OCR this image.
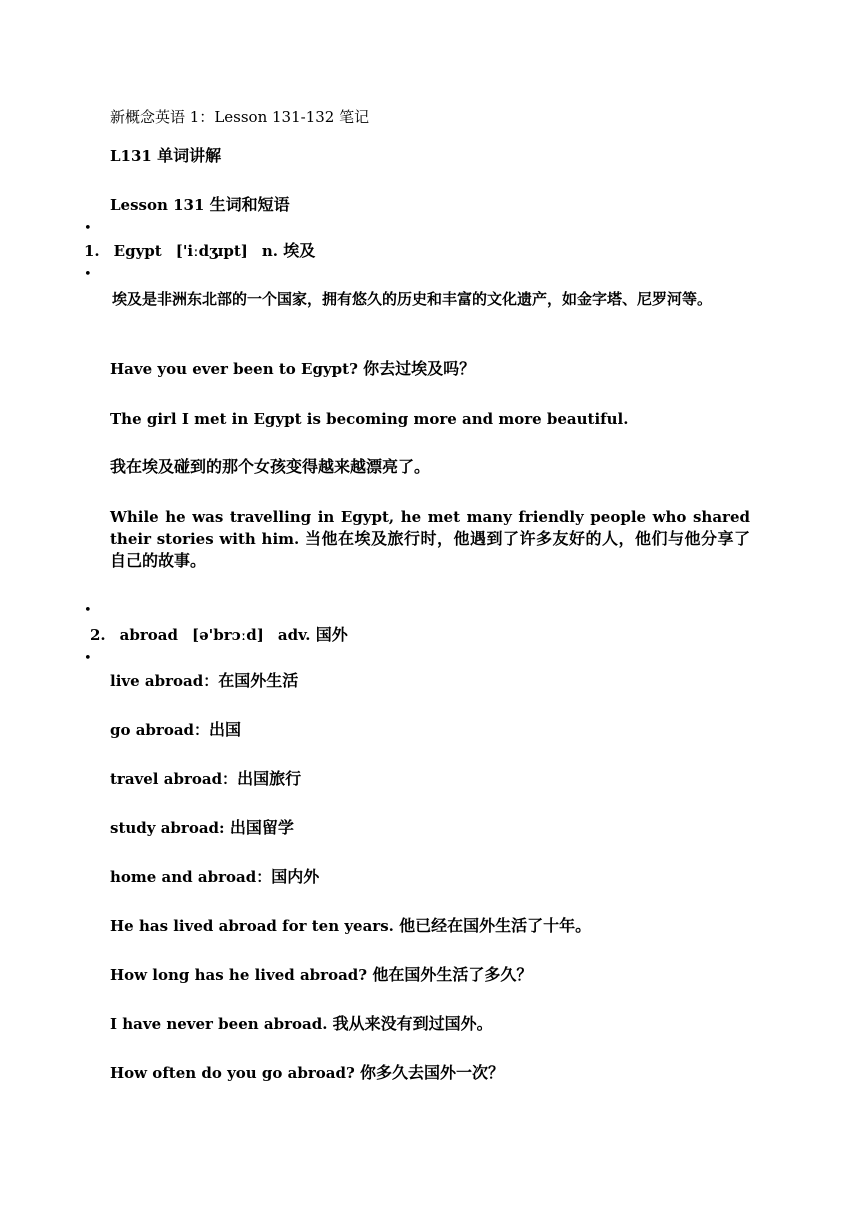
新概念英语 1：Lesson 131-132 笔记
L131 单词讲解
Lesson 131 生词和短语
•
1. Egypt ['iːdʒɪpt] n. 埃及
•
埃及是非洲东北部的一个国家，拥有悠久的历史和丰富的文化遗产，如金字塔、尼罗河等。
Have you ever been to Egypt? 你去过埃及吗？
The girl I met in Egypt is becoming more and more beautiful.
我在埃及碰到的那个女孩变得越来越漂亮了。
While he was travelling in Egypt, he met many friendly people who shared their stories with him. 当他在埃及旅行时，他遇到了许多友好的人，他们与他分享了自己的故事。
•
2. abroad [ə'brɔːd] adv. 国外
•
live abroad：在国外生活
go abroad：出国
travel abroad：出国旅行
study abroad: 出国留学
home and abroad：国内外
He has lived abroad for ten years. 他已经在国外生活了十年。
How long has he lived abroad? 他在国外生活了多久？
I have never been abroad. 我从来没有到过国外。
How often do you go abroad? 你多久去国外一次？
